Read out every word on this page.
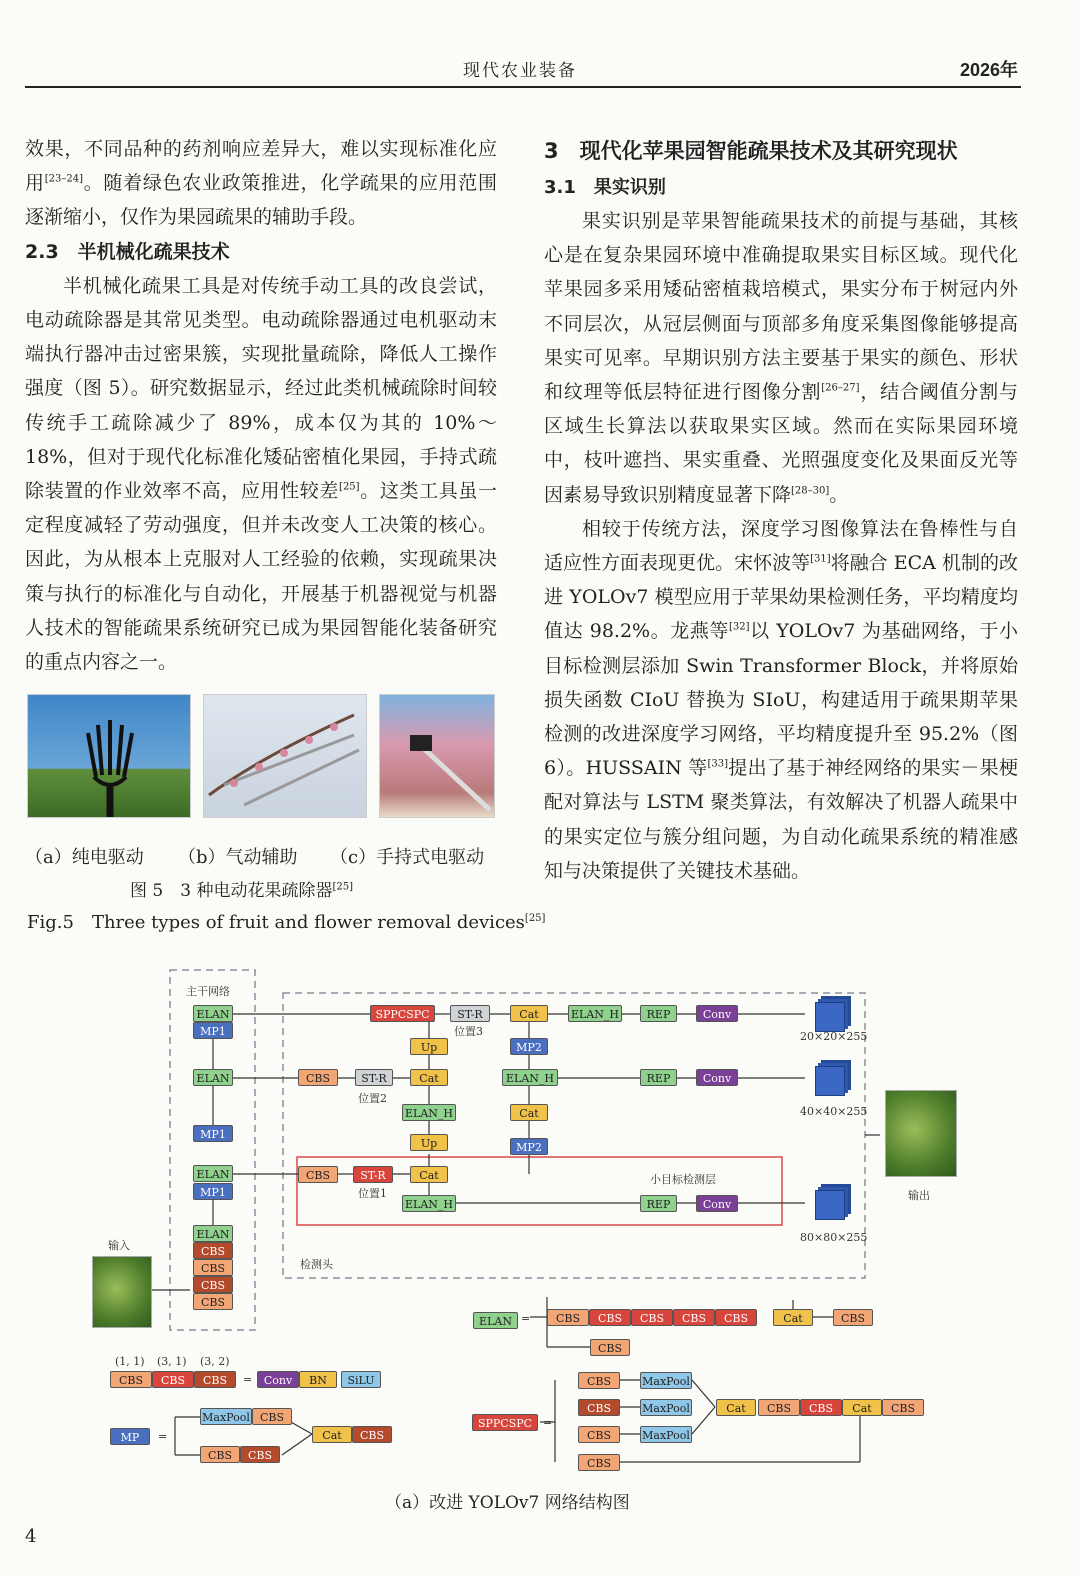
现代农业装备	2026年

效果，不同品种的药剂响应差异大，难以实现标准化应用[23–24]。随着绿色农业政策推进，化学疏果的应用范围逐渐缩小，仅作为果园疏果的辅助手段。

2.3　半机械化疏果技术

半机械化疏果工具是对传统手动工具的改良尝试，电动疏除器是其常见类型。电动疏除器通过电机驱动末端执行器冲击过密果簇，实现批量疏除，降低人工操作强度（图 5）。研究数据显示，经过此类机械疏除时间较传统手工疏除减少了 89%，成本仅为其的 10%～18%，但对于现代化标准化矮砧密植化果园，手持式疏除装置的作业效率不高，应用性较差[25]。这类工具虽一定程度减轻了劳动强度，但并未改变人工决策的核心。因此，为从根本上克服对人工经验的依赖，实现疏果决策与执行的标准化与自动化，开展基于机器视觉与机器人技术的智能疏果系统研究已成为果园智能化装备研究的重点内容之一。

（a）纯电驱动 （b）气动辅助 （c）手持式电驱动
图 5　3 种电动花果疏除器[25]
Fig.5　Three types of fruit and flower removal devices[25]

3　现代化苹果园智能疏果技术及其研究现状

3.1　果实识别

果实识别是苹果智能疏果技术的前提与基础，其核心是在复杂果园环境中准确提取果实目标区域。现代化苹果园多采用矮砧密植栽培模式，果实分布于树冠内外不同层次，从冠层侧面与顶部多角度采集图像能够提高果实可见率。早期识别方法主要基于果实的颜色、形状和纹理等低层特征进行图像分割[26–27]，结合阈值分割与区域生长算法以获取果实区域。然而在实际果园环境中，枝叶遮挡、果实重叠、光照强度变化及果面反光等因素易导致识别精度显著下降[28–30]。

相较于传统方法，深度学习图像算法在鲁棒性与自适应性方面表现更优。宋怀波等[31]将融合 ECA 机制的改进 YOLOv7 模型应用于苹果幼果检测任务，平均精度均值达 98.2%。龙燕等[32]以 YOLOv7 为基础网络，于小目标检测层添加 Swin Transformer Block，并将原始损失函数 CIoU 替换为 SIoU，构建适用于疏果期苹果检测的改进深度学习网络，平均精度提升至 95.2%（图 6）。HUSSAIN 等[33]提出了基于神经网络的果实－果梗配对算法与 LSTM 聚类算法，有效解决了机器人疏果中的果实定位与簇分组问题，为自动化疏果系统的精准感知与决策提供了关键技术基础。

主干网络
ELAN
MP1
ELAN
MP1
ELAN
MP1
ELAN
CBS
CBS
CBS
CBS
输入
输出
检测头
小目标检测层
SPPCSPC	ST-R
位置3
Cat	ELAN_H	REP	Conv
20×20×255
Up	MP2
CBS	ST-R
位置2
Cat	ELAN_H	REP	Conv
40×40×255
ELAN_H	Cat
Up	MP2
CBS	ST-R
位置1
Cat
ELAN_H	REP	Conv
80×80×255
ELAN =	CBS	CBS	CBS	CBS	CBS	Cat	CBS
CBS
(1, 1) (3, 1) (3, 2)
CBS	CBS	CBS	=	Conv	BN	SiLU
MP	=
MaxPool CBS
CBS	CBS
Cat	CBS
SPPCSPC =
CBS
CBS
CBS
CBS
MaxPool
MaxPool
MaxPool
Cat	CBS	CBS	Cat	CBS
（a）改进 YOLOv7 网络结构图
4
